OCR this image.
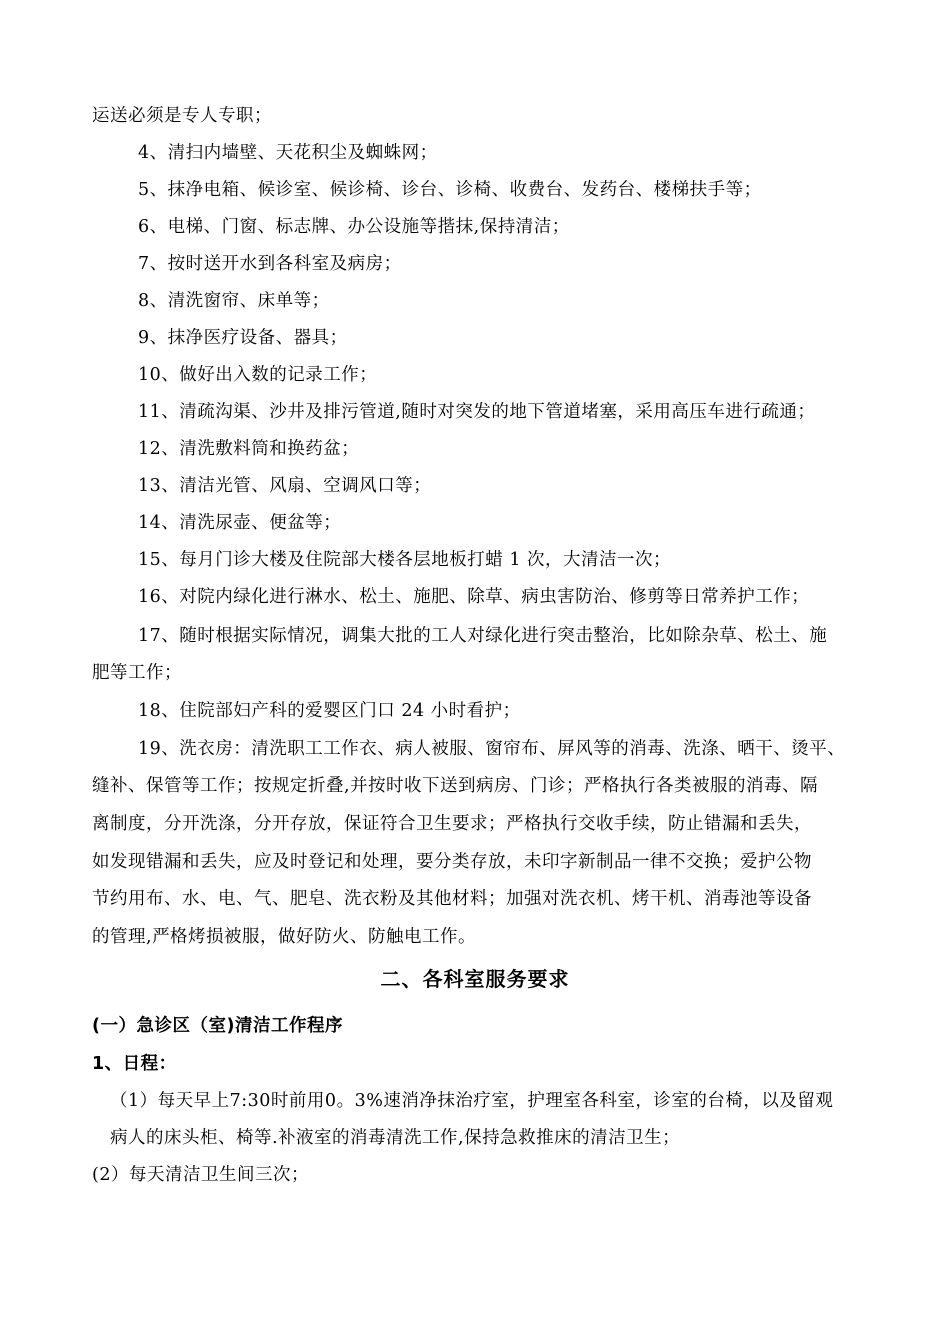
运送必须是专人专职；

4、清扫内墙壁、天花积尘及蜘蛛网；

5、抹净电箱、候诊室、候诊椅、诊台、诊椅、收费台、发药台、楼梯扶手等；

6、电梯、门窗、标志牌、办公设施等揩抹,保持清洁；

7、按时送开水到各科室及病房；

8、清洗窗帘、床单等；

9、抹净医疗设备、器具；

10、做好出入数的记录工作；

11、清疏沟渠、沙井及排污管道,随时对突发的地下管道堵塞，采用高压车进行疏通；

12、清洗敷料筒和换药盆；

13、清洁光管、风扇、空调风口等；

14、清洗尿壶、便盆等；

15、每月门诊大楼及住院部大楼各层地板打蜡 1 次，大清洁一次；

16、对院内绿化进行淋水、松土、施肥、除草、病虫害防治、修剪等日常养护工作；

17、随时根据实际情况，调集大批的工人对绿化进行突击整治，比如除杂草、松土、施

肥等工作；

18、住院部妇产科的爱婴区门口 24 小时看护；

19、洗衣房：清洗职工工作衣、病人被服、窗帘布、屏风等的消毒、洗涤、晒干、烫平、

缝补、保管等工作；按规定折叠,并按时收下送到病房、门诊；严格执行各类被服的消毒、隔

离制度，分开洗涤，分开存放，保证符合卫生要求；严格执行交收手续，防止错漏和丢失，

如发现错漏和丢失，应及时登记和处理，要分类存放，未印字新制品一律不交换；爱护公物

节约用布、水、电、气、肥皂、洗衣粉及其他材料；加强对洗衣机、烤干机、消毒池等设备

的管理,严格烤损被服，做好防火、防触电工作。

二、各科室服务要求

(一）急诊区（室)清洁工作程序

1、日程：

（1）每天早上7:30时前用0。3%速消净抹治疗室，护理室各科室，诊室的台椅，以及留观

病人的床头柜、椅等.补液室的消毒清洗工作,保持急救推床的清洁卫生；

(2）每天清洁卫生间三次；
